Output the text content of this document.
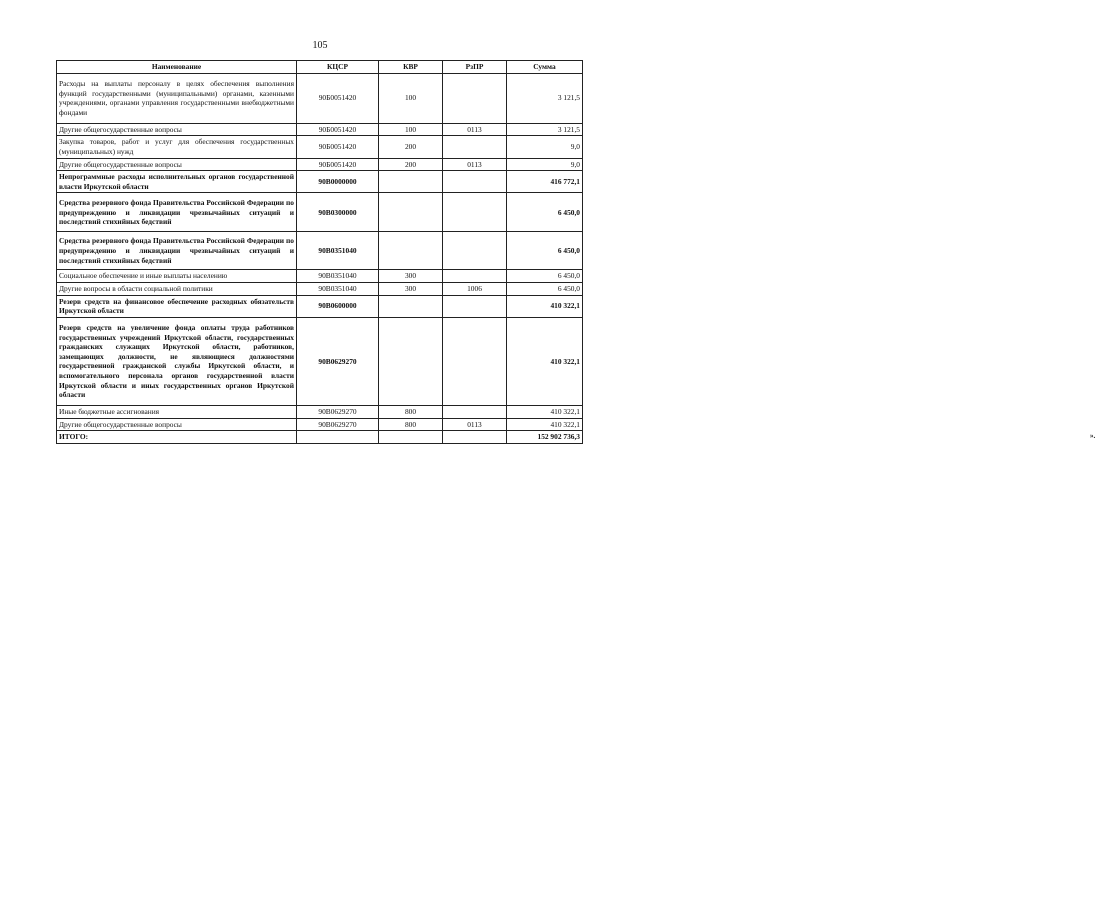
105
Наименование	КЦСР	КВР	РзПР	Сумма
Расходы на выплаты персоналу в целях обеспечения выполнения функций государственными (муниципальными) органами, казенными учреждениями, органами управления государственными внебюджетными фондами	90Б0051420	100		3 121,5
Другие общегосударственные вопросы	90Б0051420	100	0113	3 121,5
Закупка товаров, работ и услуг для обеспечения государственных (муниципальных) нужд	90Б0051420	200		9,0
Другие общегосударственные вопросы	90Б0051420	200	0113	9,0
Непрограммные расходы исполнительных органов государственной власти Иркутской области	90В0000000			416 772,1
Средства резервного фонда Правительства Российской Федерации по предупреждению и ликвидации чрезвычайных ситуаций и последствий стихийных бедствий	90В0300000			6 450,0
Средства резервного фонда Правительства Российской Федерации по предупреждению и ликвидации чрезвычайных ситуаций и последствий стихийных бедствий	90В0351040			6 450,0
Социальное обеспечение и иные выплаты населению	90В0351040	300		6 450,0
Другие вопросы в области социальной политики	90В0351040	300	1006	6 450,0
Резерв средств на финансовое обеспечение расходных обязательств Иркутской области	90В0600000			410 322,1
Резерв средств на увеличение фонда оплаты труда работников государственных учреждений Иркутской области, государственных гражданских служащих Иркутской области, работников, замещающих должности, не являющиеся должностями государственной гражданской службы Иркутской области, и вспомогательного персонала органов государственной власти Иркутской области и иных государственных органов Иркутской области	90В0629270			410 322,1
Иные бюджетные ассигнования	90В0629270	800		410 322,1
Другие общегосударственные вопросы	90В0629270	800	0113	410 322,1
ИТОГО:				152 902 736,3 ».
